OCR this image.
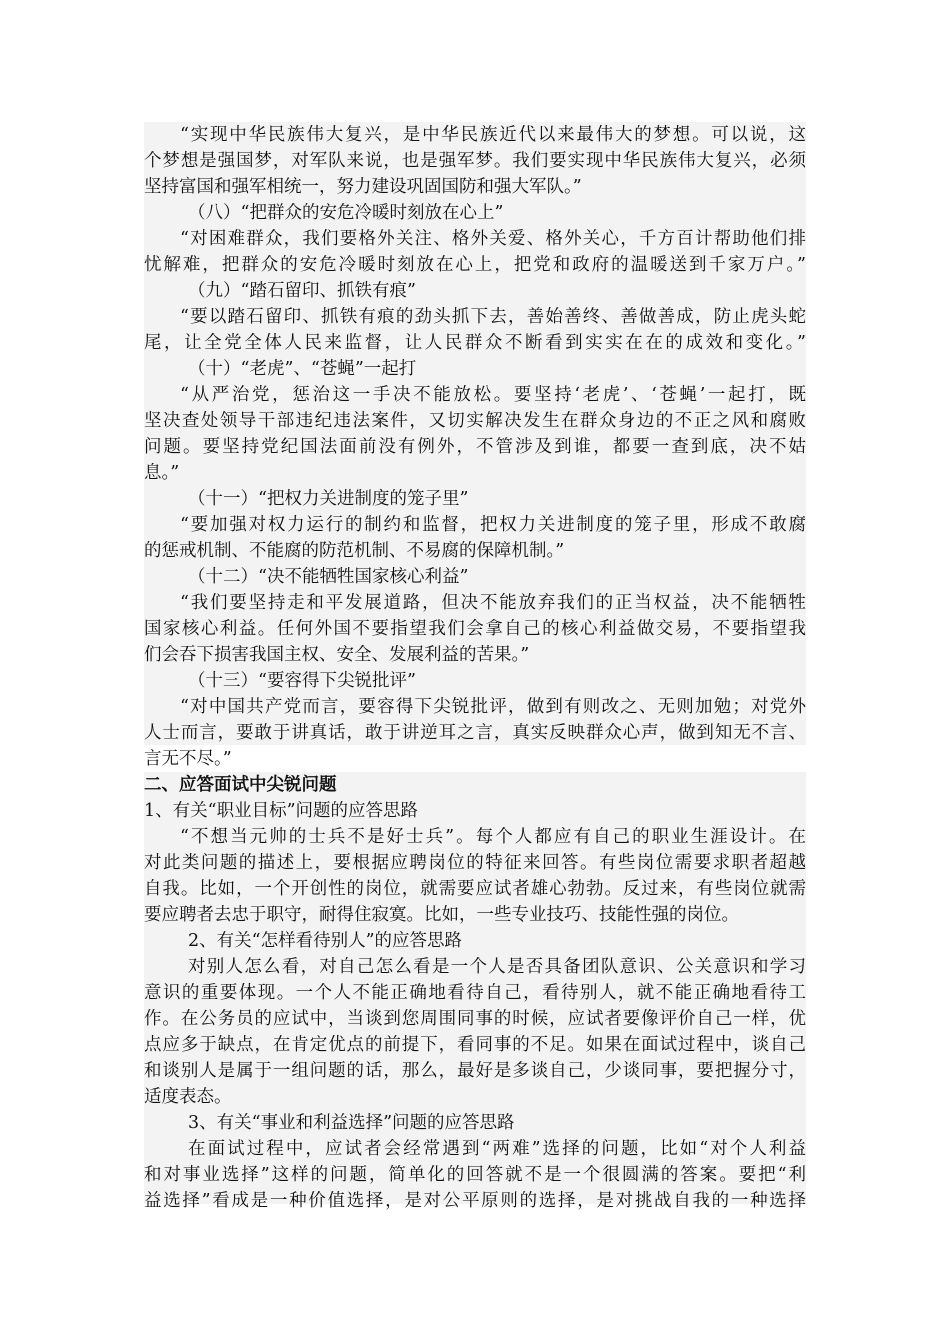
“实现中华民族伟大复兴，是中华民族近代以来最伟大的梦想。可以说，这
个梦想是强国梦，对军队来说，也是强军梦。我们要实现中华民族伟大复兴，必须
坚持富国和强军相统一，努力建设巩固国防和强大军队。”
（八）“把群众的安危冷暖时刻放在心上”
“对困难群众，我们要格外关注、格外关爱、格外关心，千方百计帮助他们排
忧解难，把群众的安危冷暖时刻放在心上，把党和政府的温暖送到千家万户。”
（九）“踏石留印、抓铁有痕”
“要以踏石留印、抓铁有痕的劲头抓下去，善始善终、善做善成，防止虎头蛇
尾，让全党全体人民来监督，让人民群众不断看到实实在在的成效和变化。”
（十）“老虎”、“苍蝇”一起打
“从严治党，惩治这一手决不能放松。要坚持‘老虎’、‘苍蝇’一起打，既
坚决查处领导干部违纪违法案件，又切实解决发生在群众身边的不正之风和腐败
问题。要坚持党纪国法面前没有例外，不管涉及到谁，都要一查到底，决不姑
息。”
（十一）“把权力关进制度的笼子里”
“要加强对权力运行的制约和监督，把权力关进制度的笼子里，形成不敢腐
的惩戒机制、不能腐的防范机制、不易腐的保障机制。”
（十二）“决不能牺牲国家核心利益”
“我们要坚持走和平发展道路，但决不能放弃我们的正当权益，决不能牺牲
国家核心利益。任何外国不要指望我们会拿自己的核心利益做交易，不要指望我
们会吞下损害我国主权、安全、发展利益的苦果。”
（十三）“要容得下尖锐批评”
“对中国共产党而言，要容得下尖锐批评，做到有则改之、无则加勉；对党外
人士而言，要敢于讲真话，敢于讲逆耳之言，真实反映群众心声，做到知无不言、
言无不尽。”
二、应答面试中尖锐问题
1、有关“职业目标”问题的应答思路
“不想当元帅的士兵不是好士兵”。每个人都应有自己的职业生涯设计。在
对此类问题的描述上，要根据应聘岗位的特征来回答。有些岗位需要求职者超越
自我。比如，一个开创性的岗位，就需要应试者雄心勃勃。反过来，有些岗位就需
要应聘者去忠于职守，耐得住寂寞。比如，一些专业技巧、技能性强的岗位。
2、有关“怎样看待别人”的应答思路
对别人怎么看，对自己怎么看是一个人是否具备团队意识、公关意识和学习
意识的重要体现。一个人不能正确地看待自己，看待别人，就不能正确地看待工
作。在公务员的应试中，当谈到您周围同事的时候，应试者要像评价自己一样，优
点应多于缺点，在肯定优点的前提下，看同事的不足。如果在面试过程中，谈自己
和谈别人是属于一组问题的话，那么，最好是多谈自己，少谈同事，要把握分寸，
适度表态。
3、有关“事业和利益选择”问题的应答思路
在面试过程中，应试者会经常遇到“两难”选择的问题，比如“对个人利益
和对事业选择”这样的问题，简单化的回答就不是一个很圆满的答案。要把“利
益选择”看成是一种价值选择，是对公平原则的选择，是对挑战自我的一种选择
